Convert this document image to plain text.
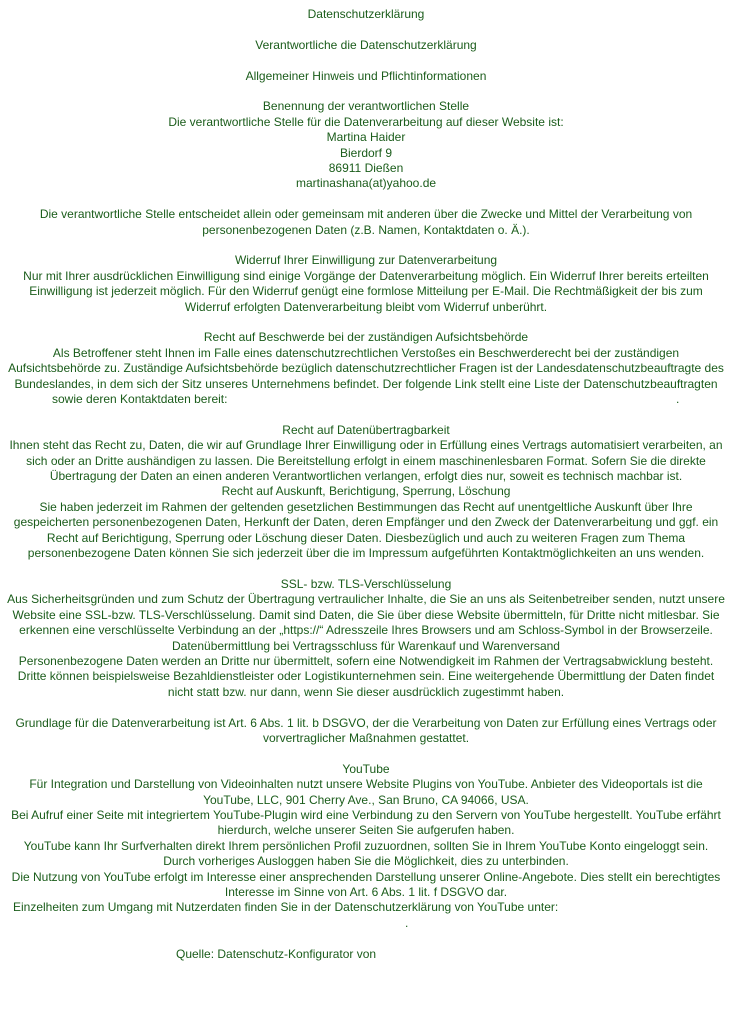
Datenschutzerklärung
Verantwortliche die Datenschutzerklärung
Allgemeiner Hinweis und Pflichtinformationen
Benennung der verantwortlichen Stelle
Die verantwortliche Stelle für die Datenverarbeitung auf dieser Website ist:
Martina Haider
Bierdorf 9
86911 Dießen
martinashana(at)yahoo.de
Die verantwortliche Stelle entscheidet allein oder gemeinsam mit anderen über die Zwecke und Mittel der Verarbeitung von
personenbezogenen Daten (z.B. Namen, Kontaktdaten o. Ä.).
Widerruf Ihrer Einwilligung zur Datenverarbeitung
Nur mit Ihrer ausdrücklichen Einwilligung sind einige Vorgänge der Datenverarbeitung möglich. Ein Widerruf Ihrer bereits erteilten
Einwilligung ist jederzeit möglich. Für den Widerruf genügt eine formlose Mitteilung per E-Mail. Die Rechtmäßigkeit der bis zum
Widerruf erfolgten Datenverarbeitung bleibt vom Widerruf unberührt.
Recht auf Beschwerde bei der zuständigen Aufsichtsbehörde
Als Betroffener steht Ihnen im Falle eines datenschutzrechtlichen Verstoßes ein Beschwerderecht bei der zuständigen
Aufsichtsbehörde zu. Zuständige Aufsichtsbehörde bezüglich datenschutzrechtlicher Fragen ist der Landesdatenschutzbeauftragte des
Bundeslandes, in dem sich der Sitz unseres Unternehmens befindet. Der folgende Link stellt eine Liste der Datenschutzbeauftragten
sowie deren Kontaktdaten bereit:	.
Recht auf Datenübertragbarkeit
Ihnen steht das Recht zu, Daten, die wir auf Grundlage Ihrer Einwilligung oder in Erfüllung eines Vertrags automatisiert verarbeiten, an
sich oder an Dritte aushändigen zu lassen. Die Bereitstellung erfolgt in einem maschinenlesbaren Format. Sofern Sie die direkte
Übertragung der Daten an einen anderen Verantwortlichen verlangen, erfolgt dies nur, soweit es technisch machbar ist.
Recht auf Auskunft, Berichtigung, Sperrung, Löschung
Sie haben jederzeit im Rahmen der geltenden gesetzlichen Bestimmungen das Recht auf unentgeltliche Auskunft über Ihre
gespeicherten personenbezogenen Daten, Herkunft der Daten, deren Empfänger und den Zweck der Datenverarbeitung und ggf. ein
Recht auf Berichtigung, Sperrung oder Löschung dieser Daten. Diesbezüglich und auch zu weiteren Fragen zum Thema
personenbezogene Daten können Sie sich jederzeit über die im Impressum aufgeführten Kontaktmöglichkeiten an uns wenden.
SSL- bzw. TLS-Verschlüsselung
Aus Sicherheitsgründen und zum Schutz der Übertragung vertraulicher Inhalte, die Sie an uns als Seitenbetreiber senden, nutzt unsere
Website eine SSL-bzw. TLS-Verschlüsselung. Damit sind Daten, die Sie über diese Website übermitteln, für Dritte nicht mitlesbar. Sie
erkennen eine verschlüsselte Verbindung an der „https://“ Adresszeile Ihres Browsers und am Schloss-Symbol in der Browserzeile.
Datenübermittlung bei Vertragsschluss für Warenkauf und Warenversand
Personenbezogene Daten werden an Dritte nur übermittelt, sofern eine Notwendigkeit im Rahmen der Vertragsabwicklung besteht.
Dritte können beispielsweise Bezahldienstleister oder Logistikunternehmen sein. Eine weitergehende Übermittlung der Daten findet
nicht statt bzw. nur dann, wenn Sie dieser ausdrücklich zugestimmt haben.
Grundlage für die Datenverarbeitung ist Art. 6 Abs. 1 lit. b DSGVO, der die Verarbeitung von Daten zur Erfüllung eines Vertrags oder
vorvertraglicher Maßnahmen gestattet.
YouTube
Für Integration und Darstellung von Videoinhalten nutzt unsere Website Plugins von YouTube. Anbieter des Videoportals ist die
YouTube, LLC, 901 Cherry Ave., San Bruno, CA 94066, USA.
Bei Aufruf einer Seite mit integriertem YouTube-Plugin wird eine Verbindung zu den Servern von YouTube hergestellt. YouTube erfährt
hierdurch, welche unserer Seiten Sie aufgerufen haben.
YouTube kann Ihr Surfverhalten direkt Ihrem persönlichen Profil zuzuordnen, sollten Sie in Ihrem YouTube Konto eingeloggt sein.
Durch vorheriges Ausloggen haben Sie die Möglichkeit, dies zu unterbinden.
Die Nutzung von YouTube erfolgt im Interesse einer ansprechenden Darstellung unserer Online-Angebote. Dies stellt ein berechtigtes
Interesse im Sinne von Art. 6 Abs. 1 lit. f DSGVO dar.
Einzelheiten zum Umgang mit Nutzerdaten finden Sie in der Datenschutzerklärung von YouTube unter:
.
Quelle: Datenschutz-Konfigurator von
